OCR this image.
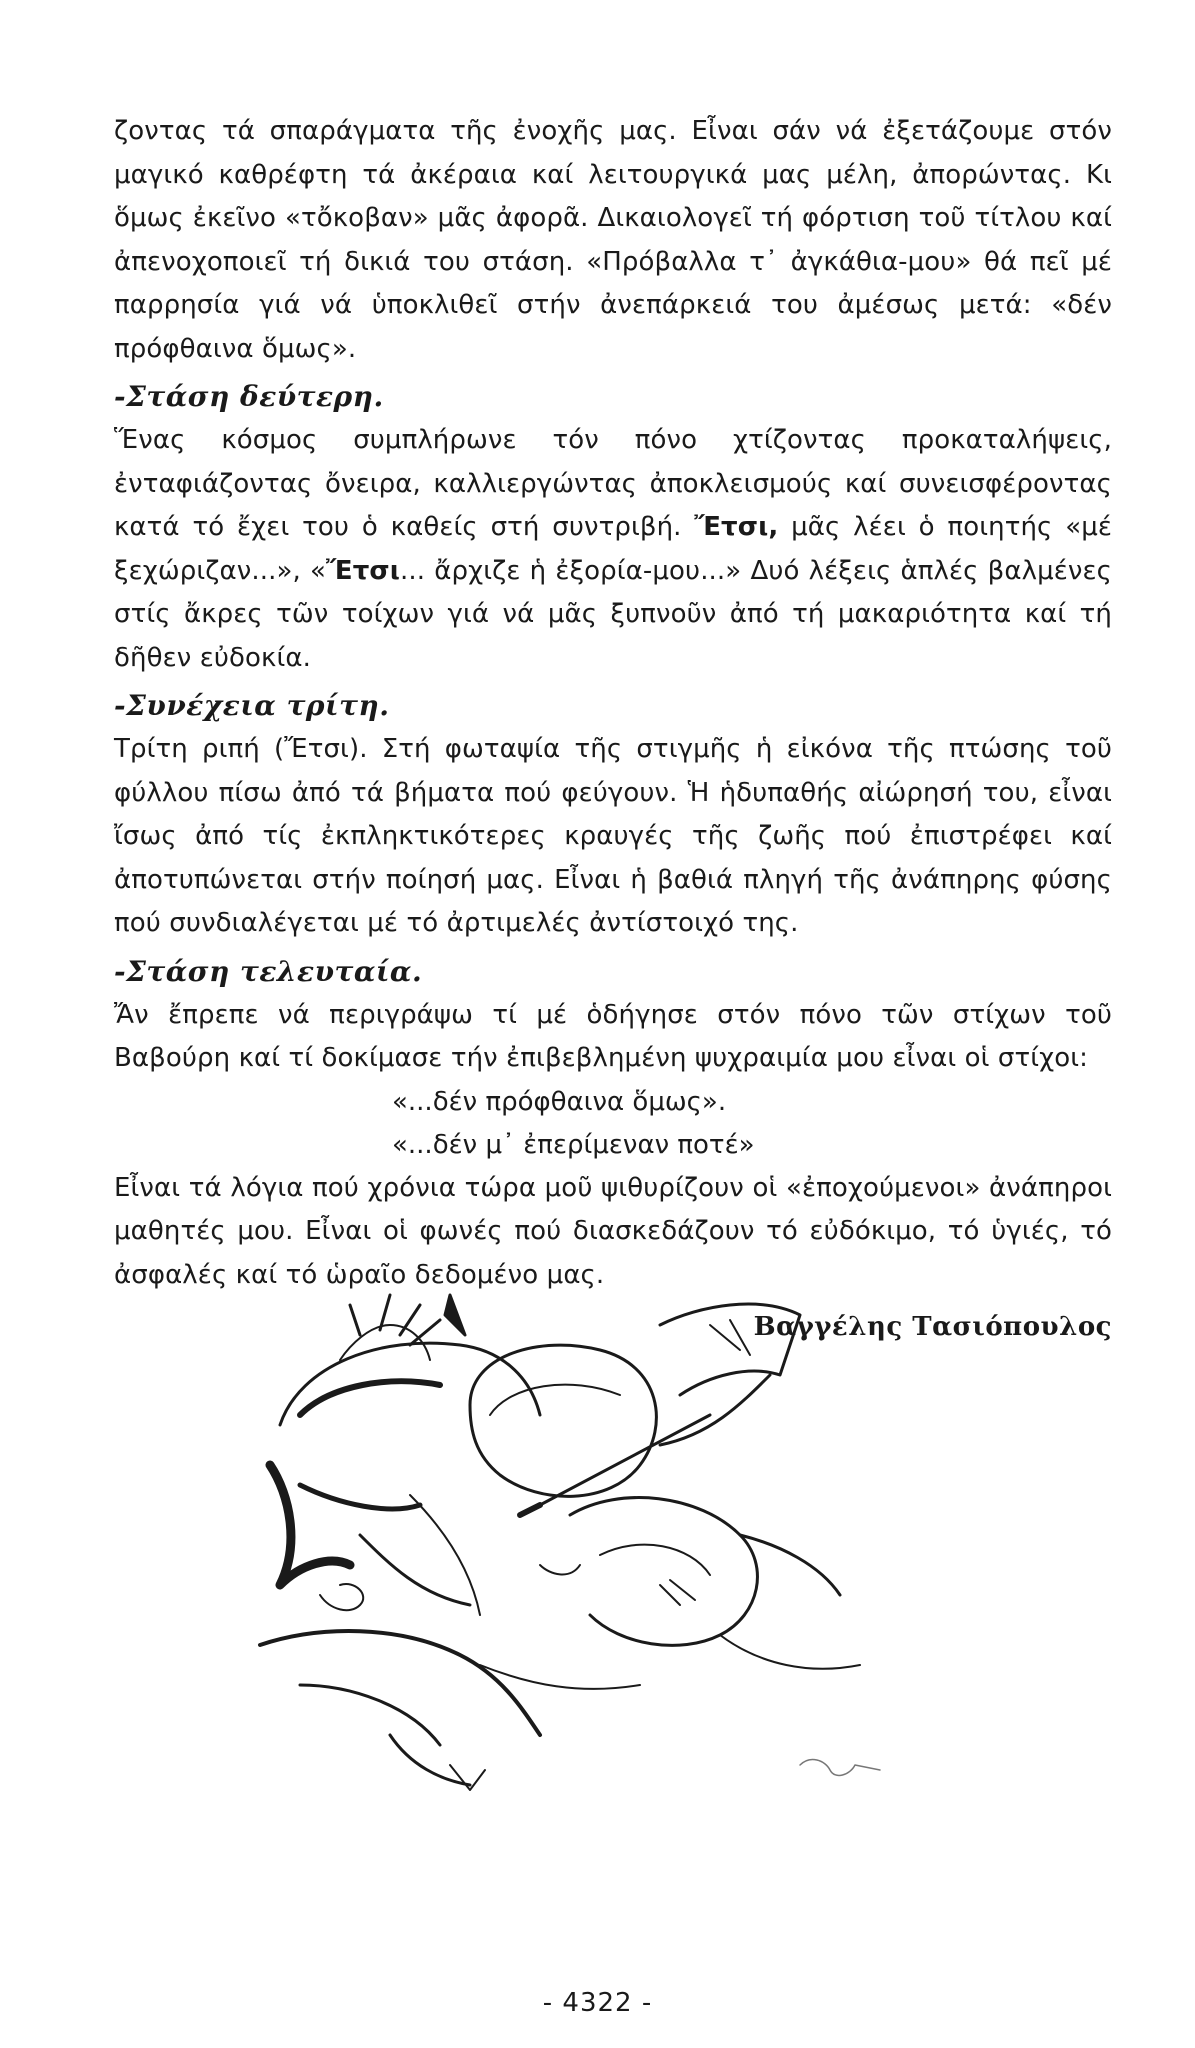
ζοντας τά σπαράγματα τῆς ἐνοχῆς μας. Εἶναι σάν νά ἐξετάζουμε στόν μαγικό καθρέφτη τά ἀκέραια καί λειτουργικά μας μέλη, ἀπορώντας. Κι ὅμως ἐκεῖνο «τὄκοβαν» μᾶς ἀφορᾶ. Δικαιολογεῖ τή φόρτιση τοῦ τίτλου καί ἀπενοχοποιεῖ τή δικιά του στάση. «Πρόβαλλα τ᾽ ἀγκάθια-μου» θά πεῖ μέ παρρησία γιά νά ὑποκλιθεῖ στήν ἀνεπάρκειά του ἀμέσως μετά: «δέν πρόφθαινα ὅμως».

-Στάση δεύτερη.

Ἕνας κόσμος συμπλήρωνε τόν πόνο χτίζοντας προκαταλήψεις, ἐνταφιάζοντας ὄνειρα, καλλιεργώντας ἀποκλεισμούς καί συνεισφέροντας κατά τό ἔχει του ὁ καθείς στή συντριβή. Ἔτσι, μᾶς λέει ὁ ποιητής «μέ ξεχώριζαν...», «Ἔτσι... ἄρχιζε ἡ ἐξορία-μου...» Δυό λέξεις ἁπλές βαλμένες στίς ἄκρες τῶν τοίχων γιά νά μᾶς ξυπνοῦν ἀπό τή μακαριότητα καί τή δῆθεν εὐδοκία.

-Συνέχεια τρίτη.

Τρίτη ριπή (Ἔτσι). Στή φωταψία τῆς στιγμῆς ἡ εἰκόνα τῆς πτώσης τοῦ φύλλου πίσω ἀπό τά βήματα πού φεύγουν. Ἡ ἡδυπαθής αἰώρησή του, εἶναι ἴσως ἀπό τίς ἐκπληκτικότερες κραυγές τῆς ζωῆς πού ἐπιστρέφει καί ἀποτυπώνεται στήν ποίησή μας. Εἶναι ἡ βαθιά πληγή τῆς ἀνάπηρης φύσης πού συνδιαλέγεται μέ τό ἀρτιμελές ἀντίστοιχό της.

-Στάση τελευταία.

Ἄν ἔπρεπε νά περιγράψω τί μέ ὁδήγησε στόν πόνο τῶν στίχων τοῦ Βαβούρη καί τί δοκίμασε τήν ἐπιβεβλημένη ψυχραιμία μου εἶναι οἱ στίχοι:

«...δέν πρόφθαινα ὅμως».

«...δέν μ᾽ ἐπερίμεναν ποτέ»

Εἶναι τά λόγια πού χρόνια τώρα μοῦ ψιθυρίζουν οἱ «ἐποχούμενοι» ἀνάπηροι μαθητές μου. Εἶναι οἱ φωνές πού διασκεδάζουν τό εὐδόκιμο, τό ὑγιές, τό ἀσφαλές καί τό ὡραῖο δεδομένο μας.

Βαγγέλης Τασιόπουλος

- 4322 -
